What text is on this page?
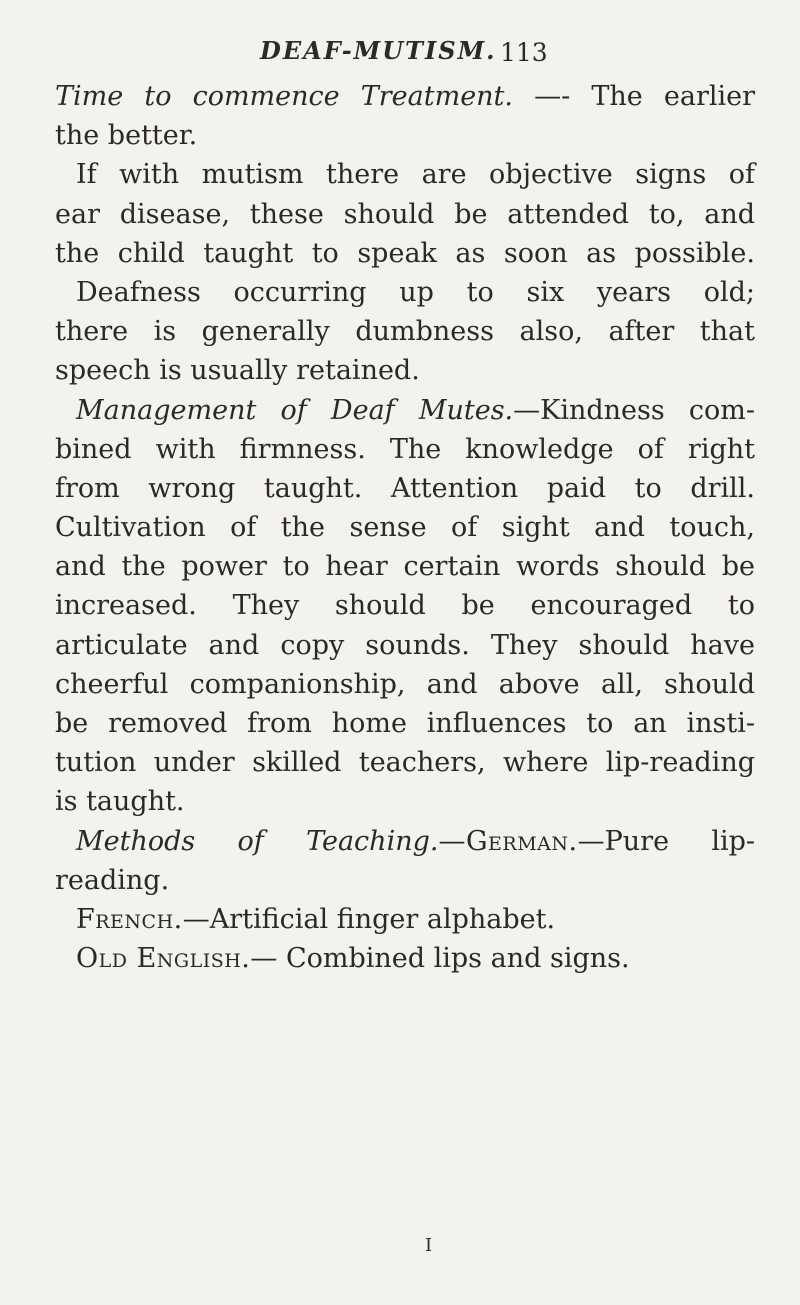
DEAF-MUTISM. 113
Time to commence Treatment. —- The earlier
the better.
If with mutism there are objective signs of
ear disease, these should be attended to, and
the child taught to speak as soon as possible.
Deafness occurring up to six years old;
there is generally dumbness also, after that
speech is usually retained.
Management of Deaf Mutes.—Kindness com-
bined with firmness. The knowledge of right
from wrong taught. Attention paid to drill.
Cultivation of the sense of sight and touch,
and the power to hear certain words should be
increased. They should be encouraged to
articulate and copy sounds. They should have
cheerful companionship, and above all, should
be removed from home influences to an insti-
tution under skilled teachers, where lip-reading
is taught.
Methods of Teaching.—German.—Pure lip-
reading.
French.—Artificial finger alphabet.
Old English.— Combined lips and signs.
I
